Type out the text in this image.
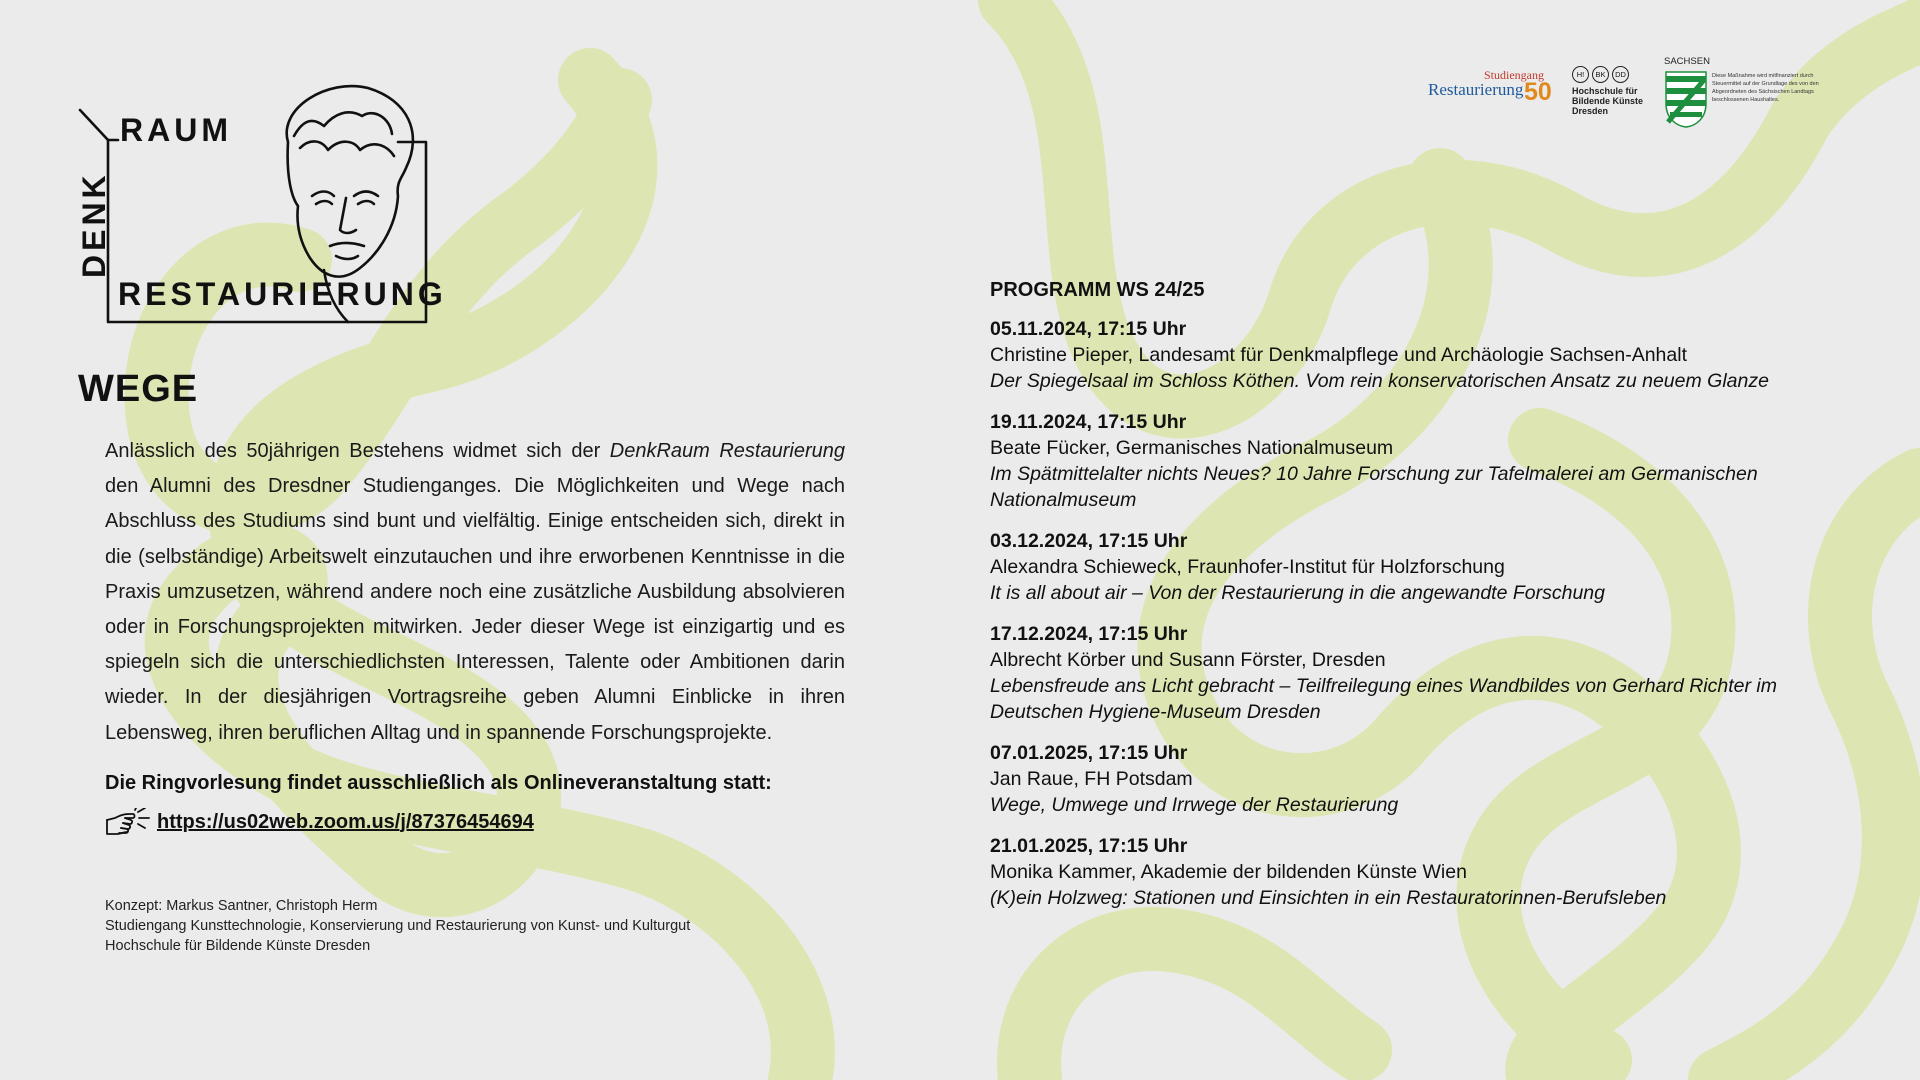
RAUM
DENK
RESTAURIERUNG
Studiengang
Restaurierung 50
H!	BK	DD
Hochschule für
Bildende Künste
Dresden
SACHSEN
Diese Maßnahme wird mitfinanziert durch Steuermittel auf der Grundlage des von den Abgeordneten des Sächsischen Landtags beschlossenen Haushaltes.
WEGE
Anlässlich des 50jährigen Bestehens widmet sich der DenkRaum Restaurierung den Alumni des Dresdner Studienganges. Die Möglichkeiten und Wege nach Abschluss des Studiums sind bunt und vielfältig. Einige entscheiden sich, direkt in die (selbständige) Arbeitswelt einzutauchen und ihre erworbenen Kenntnisse in die Praxis umzusetzen, während andere noch eine zusätzliche Ausbildung absolvieren oder in Forschungsprojekten mitwirken. Jeder dieser Wege ist einzigartig und es spiegeln sich die unterschiedlichsten Interessen, Talente oder Ambitionen darin wieder. In der diesjährigen Vortragsreihe geben Alumni Einblicke in ihren Lebensweg, ihren beruflichen Alltag und in spannende Forschungsprojekte.
Die Ringvorlesung findet ausschließlich als Onlineveranstaltung statt:
https://us02web.zoom.us/j/87376454694
Konzept: Markus Santner, Christoph Herm
Studiengang Kunsttechnologie, Konservierung und Restaurierung von Kunst- und Kulturgut
Hochschule für Bildende Künste Dresden
PROGRAMM WS 24/25
05.11.2024, 17:15 Uhr
Christine Pieper, Landesamt für Denkmalpflege und Archäologie Sachsen-Anhalt
Der Spiegelsaal im Schloss Köthen. Vom rein konservatorischen Ansatz zu neuem Glanze
19.11.2024, 17:15 Uhr
Beate Fücker, Germanisches Nationalmuseum
Im Spätmittelalter nichts Neues? 10 Jahre Forschung zur Tafelmalerei am Germanischen Nationalmuseum
03.12.2024, 17:15 Uhr
Alexandra Schieweck, Fraunhofer-Institut für Holzforschung
It is all about air – Von der Restaurierung in die angewandte Forschung
17.12.2024, 17:15 Uhr
Albrecht Körber und Susann Förster, Dresden
Lebensfreude ans Licht gebracht – Teilfreilegung eines Wandbildes von Gerhard Richter im Deutschen Hygiene-Museum Dresden
07.01.2025, 17:15 Uhr
Jan Raue, FH Potsdam
Wege, Umwege und Irrwege der Restaurierung
21.01.2025, 17:15 Uhr
Monika Kammer, Akademie der bildenden Künste Wien
(K)ein Holzweg: Stationen und Einsichten in ein Restauratorinnen-Berufsleben
